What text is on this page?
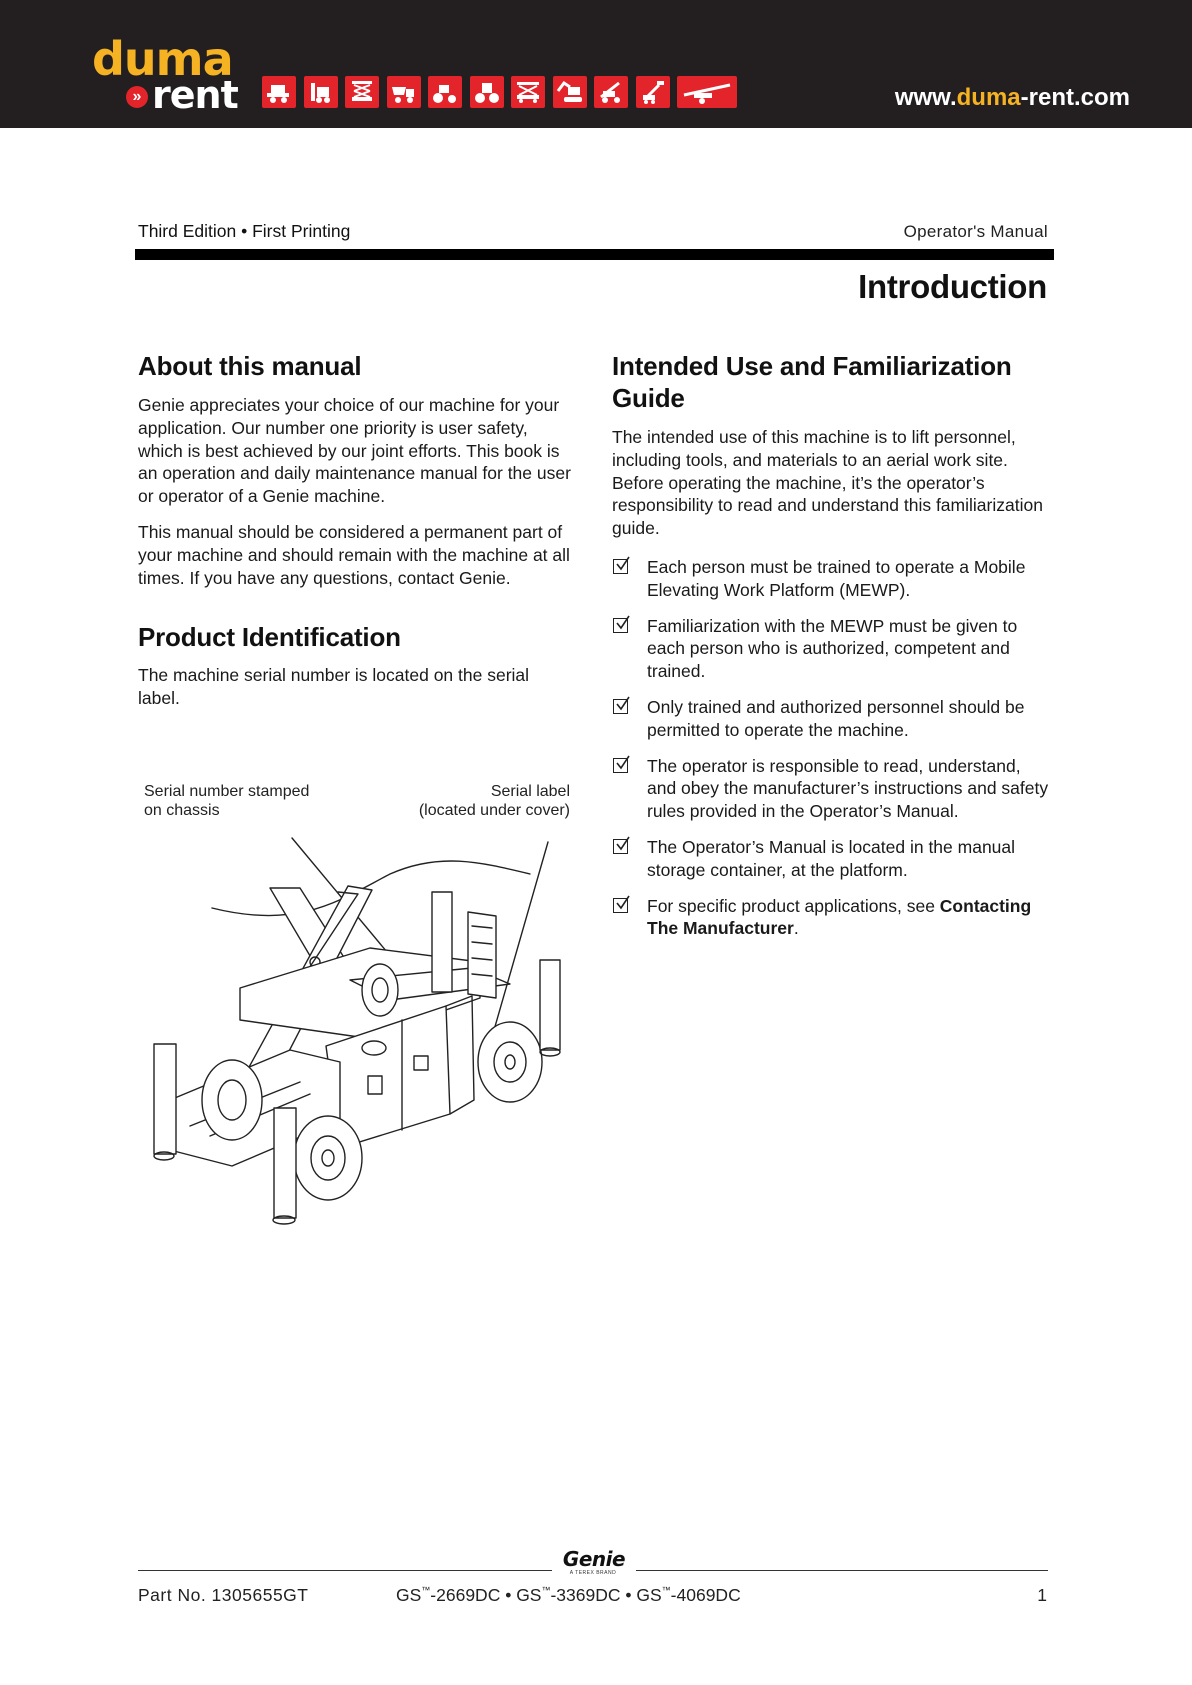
duma
» rent	www.duma-rent.com
Third Edition • First Printing	Operator's Manual
Introduction
About this manual

Genie appreciates your choice of our machine for your application. Our number one priority is user safety, which is best achieved by our joint efforts. This book is an operation and daily maintenance manual for the user or operator of a Genie machine.

This manual should be considered a permanent part of your machine and should remain with the machine at all times. If you have any questions, contact Genie.

Product Identification

The machine serial number is located on the serial label.

Serial number stamped
on chassis
Serial label
(located under cover)
Intended Use and Familiarization
Guide

The intended use of this machine is to lift personnel, including tools, and materials to an aerial work site. Before operating the machine, it’s the operator’s responsibility to read and understand this familiarization guide.

Each person must be trained to operate a Mobile Elevating Work Platform (MEWP).
Familiarization with the MEWP must be given to each person who is authorized, competent and trained.
Only trained and authorized personnel should be permitted to operate the machine.
The operator is responsible to read, understand, and obey the manufacturer’s instructions and safety rules provided in the Operator’s Manual.
The Operator’s Manual is located in the manual storage container, at the platform.
For specific product applications, see Contacting The Manufacturer.
Genie
A TEREX BRAND
Part No. 1305655GT	GS™-2669DC • GS™-3369DC • GS™-4069DC	1
